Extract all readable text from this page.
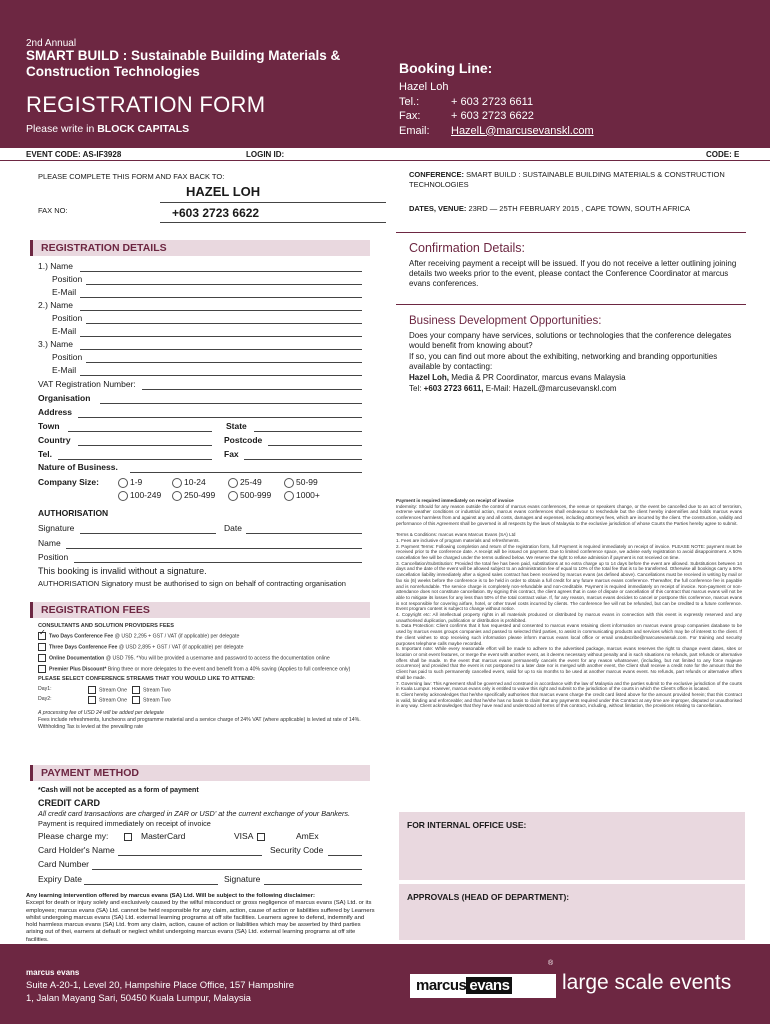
2nd Annual
SMART BUILD : Sustainable Building Materials & Construction Technologies
REGISTRATION FORM
Please write in BLOCK CAPITALS
Booking Line:
Hazel Loh
Tel.:	+ 603 2723 6611
Fax:	+ 603 2723 6622
Email:	HazelL@marcusevanskl.com
EVENT CODE: AS-IF3928	LOGIN ID:	CODE: E
PLEASE COMPLETE THIS FORM AND FAX BACK TO:
HAZEL LOH
FAX NO:	+603 2723 6622
REGISTRATION DETAILS
1.) Name
Position
E-Mail
2.) Name
Position
E-Mail
3.) Name
Position
E-Mail
VAT Registration Number:
Organisation
Address
Town	State
Country	Postcode
Tel.	Fax
Nature of Business.
Company Size:	1-9	10-24	25-49	50-99
100-249	250-499	500-999	1000+
AUTHORISATION
Signature	Date
Name
Position
This booking is invalid without a signature.
AUTHORISATION Signatory must be authorised to sign on behalf of contracting organisation
REGISTRATION FEES
CONSULTANTS AND SOLUTION PROVIDERS FEES
✓Two Days Conference Fee @ USD 2,295 + GST / VAT (if applicable) per delegate
Three Days Conference Fee @ USD 2,895 + GST / VAT (if applicable) per delegate
Online Documentation @ USD 795. *You will be provided a username and password to access the documentation online
Premier Plus Discount* Bring three or more delegates to the event and benefit from a 40% saving (Applies to full conference only)
PLEASE SELECT CONFERENCE STREAMS THAT YOU WOULD LIKE TO ATTEND:
Day1:	Stream One	Stream Two
Day2:	Stream One	Stream Two
A processing fee of USD 24 will be added per delegate
Fees include refreshments, luncheons and programme material and a service charge of 24% VAT (where applicable) is levied at rate of 14%.
Withholding Tax is levied at the prevailing rate
PAYMENT METHOD
*Cash will not be accepted as a form of payment
CREDIT CARD
All credit card transactions are charged in ZAR or USD' at the current exchange of your Bankers.
Payment is required immediately on receipt of invoice
Please charge my:	MasterCard	VISA	AmEx
Card Holder's Name	Security Code
Card Number
Expiry Date	Signature
Any learning intervention offered by marcus evans (SA) Ltd. Will be subject to the following disclaimer:
Except for death or injury solely and exclusively caused by the wilful misconduct or gross negligence of marcus evans (SA) Ltd. or its employees; marcus evans (SA) Ltd. cannot be held responsible for any claim, action, cause of action or liabilities suffered by Learners whilst undergoing marcus evans (SA) Ltd. external learning programs at off site facilities. Learners agree to defend, indemnify and hold harmless marcus evans (SA) Ltd. from any claim, action, cause of action or liabilities which may be asserted by third parties arising out of thei, earners at default or neglect whilst undergoing marcus evans (SA) Ltd. external learning programs at off site facilities.
CONFERENCE: SMART BUILD : SUSTAINABLE BUILDING MATERIALS & CONSTRUCTION TECHNOLOGIES
DATES, VENUE: 23RD — 25TH FEBRUARY 2015 , CAPE TOWN, SOUTH AFRICA
Confirmation Details:
After receiving payment a receipt will be issued. If you do not receive a letter outlining joining details two weeks prior to the event, please contact the Conference Coordinator at marcus evans conferences.
Business Development Opportunities:
Does your company have services, solutions or technologies that the conference delegates would benefit from knowing about?
If so, you can find out more about the exhibiting, networking and branding opportunities available by contacting:
Hazel Loh, Media & PR Coordinator, marcus evans Malaysia
Tel: +603 2723 6611, E-Mail: HazelL@marcusevanskl.com
Payment is required immediately on receipt of invoice
Indemnity: Should for any reason outside the control of marcus evans conferences, the venue or speakers change, or the event be cancelled due to an act of terrorism, extreme weather conditions or industrial action, marcus evans conferences shall endeavour to reschedule but the client hereby indemnifies and holds marcus evans conferences harmless from and against any and all costs, damages and expenses, including attorneys fees, which are incurred by the client. The construction, validity and performance of this Agreement shall be governed in all respects by the laws of Malaysia to the exclusive jurisdiction of whose Courts the Parties hereby agree to submit.

Terms & Conditions: marcus evans Marcus Evans (SA) Ltd
1. Fees are inclusive of program materials and refreshments.
2. Payment Terms: Following completion and return of the registration form, full Payment is required immediately on receipt of invoice. PLEASE NOTE: payment must be received prior to the conference date. A receipt will be issued on payment. Due to limited conference space, we advise early registration to avoid disappointment. A 50% cancellation fee will be charged under the terms outlined below. We reserve the right to refuse admission if payment is not received on time.
3. Cancellation/Substitution: Provided the total fee has been paid, substitutions at no extra charge up to 14 days before the event are allowed. Substitutions between 14 days and the date of the event will be allowed subject to an administration fee of equal to 10% of the total fee that is to be transferred. Otherwise all bookings carry a 50% cancellation liability immediately after a signed sales contract has been received by marcus evans (as defined above). Cancellations must be received in writing by mail or fax six (6) weeks before the conference is to be held in order to obtain a full credit for any future marcus evans conference. Thereafter, the full conference fee is payable and is nonrefundable. The service charge is completely non-refundable and non-creditable. Payment is required immediately on receipt of invoice. Non-payment or non-attendance does not constitute cancellation. By signing this contract, the client agrees that in case of dispute or cancellation of this contract that marcus evans will not be able to mitigate its losses for any less than 50% of the total contract value. If, for any reason, marcus evans decides to cancel or postpone this conference, marcus evans is not responsible for covering airfare, hotel, or other travel costs incurred by clients. The conference fee will not be refunded, but can be credited to a future conference. Event program content is subject to change without notice.
4. Copyright etc: All intellectual property rights in all materials produced or distributed by marcus evans in connection with this event is expressly reserved and any unauthorised duplication, publication or distribution is prohibited.
5. Data Protection: Client confirms that it has requested and consented to marcus evans retaining client information on marcus evans group companies database to be used by marcus evans groups companies and passed to selected third parties, to assist in communicating products and services which may be of interest to the client. If the client wishes to stop receiving such information please inform marcus evans local office or email unsubscribe@marcusevansuk.com. For training and security purposes telephone calls maybe recorded.
6. Important note: While every reasonable effort will be made to adhere to the advertised package, marcus evans reserves the right to change event dates, sites or location or omit event features, or merge the event with another event, as it deems necessary without penalty and in such situations no refunds, part refunds or alternative offers shall be made. In the event that marcus evans permanently cancels the event for any reason whatsoever, (including, but not limited to any force majeure occurrence) and provided that the event is not postponed to a later date nor is merged with another event, the Client shall receive a credit note for the amount that the Client has paid to such permanently cancelled event, valid for up to six months to be used at another marcus evans event. No refunds, part refunds or alternative offers shall be made.
7. Governing law: This Agreement shall be governed and construed in accordance with the law of Malaysia and the parties submit to the exclusive jurisdiction of the courts in Kuala Lumpur. However, marcus evans only is entitled to waive this right and submit to the jurisdiction of the courts in which the Client's office is located.
8. Client hereby acknowledges that he/she specifically authorises that marcus evans charge the credit card listed above for the amount provided herein; that this Contract is valid, binding and enforceable; and that he/she has no basis to claim that any payments required under this Contract at any time are improper, disputed or unauthorised in any way. Client acknowledges that they have read and understood all terms of this contract, including, without limitation, the provisions relating to cancellation.
FOR INTERNAL OFFICE USE:
APPROVALS (HEAD OF DEPARTMENT):
marcus evans
Suite A-20-1, Level 20, Hampshire Place Office, 157 Hampshire
1, Jalan Mayang Sari, 50450 Kuala Lumpur, Malaysia
marcus evans
®
large scale events
